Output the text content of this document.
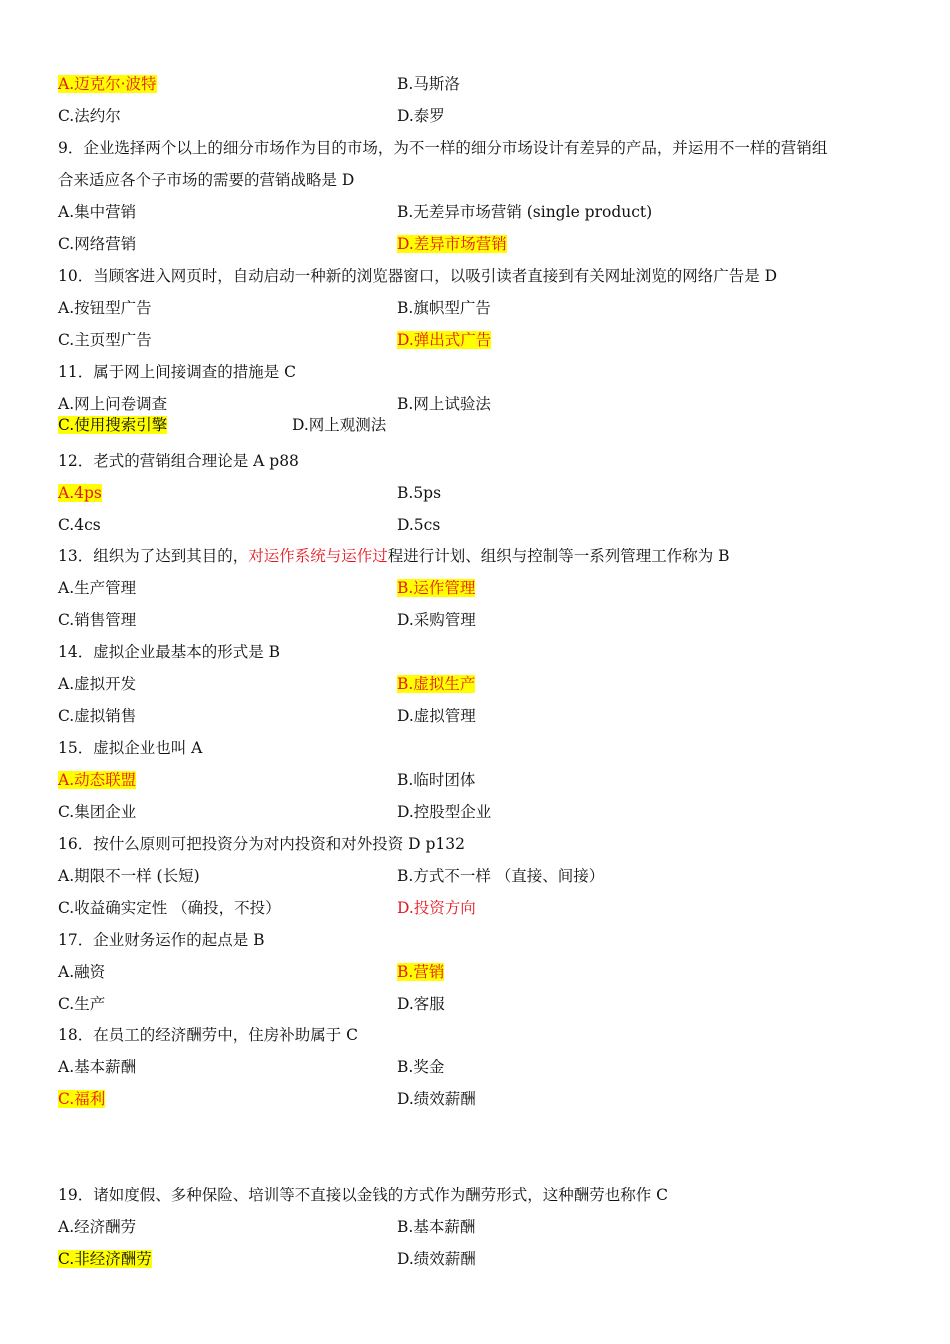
A.迈克尔·波特	B.马斯洛
C.法约尔	D.泰罗
9．企业选择两个以上的细分市场作为目的市场，为不一样的细分市场设计有差异的产品，并运用不一样的营销组
合来适应各个子市场的需要的营销战略是 D
A.集中营销	B.无差异市场营销 (single product)
C.网络营销	D.差异市场营销
10．当顾客进入网页时，自动启动一种新的浏览器窗口，以吸引读者直接到有关网址浏览的网络广告是 D
A.按钮型广告	B.旗帜型广告
C.主页型广告	D.弹出式广告
11．属于网上间接调查的措施是 C
A.网上问卷调查	B.网上试验法
C.使用搜索引擎	D.网上观测法
12．老式的营销组合理论是 A p88
A.4ps	B.5ps
C.4cs	D.5cs
13．组织为了达到其目的，对运作系统与运作过程进行计划、组织与控制等一系列管理工作称为 B
A.生产管理	B.运作管理
C.销售管理	D.采购管理
14．虚拟企业最基本的形式是 B
A.虚拟开发	B.虚拟生产
C.虚拟销售	D.虚拟管理
15．虚拟企业也叫 A
A.动态联盟	B.临时团体
C.集团企业	D.控股型企业
16．按什么原则可把投资分为对内投资和对外投资 D p132
A.期限不一样 (长短)	B.方式不一样 （直接、间接）
C.收益确实定性 （确投，不投）	D.投资方向
17．企业财务运作的起点是 B
A.融资	B.营销
C.生产	D.客服
18．在员工的经济酬劳中，住房补助属于 C
A.基本薪酬	B.奖金
C.福利	D.绩效薪酬
19．诸如度假、多种保险、培训等不直接以金钱的方式作为酬劳形式，这种酬劳也称作 C
A.经济酬劳	B.基本薪酬
C.非经济酬劳	D.绩效薪酬
